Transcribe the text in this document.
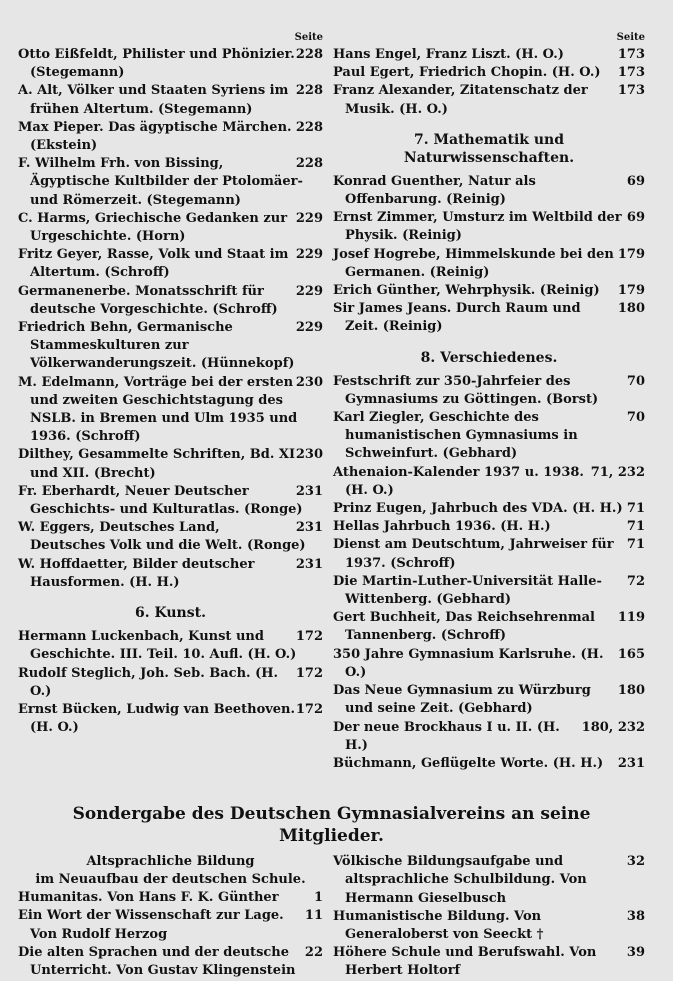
Seite
228
Otto Eißfeldt, Philister und Phönizier. (Stegemann)
228
A. Alt, Völker und Staaten Syriens im frühen Altertum. (Stegemann)
228
Max Pieper. Das ägyptische Märchen. (Ekstein)
228
F. Wilhelm Frh. von Bissing, Ägyptische Kultbilder der Ptolomäer- und Römerzeit. (Stegemann)
229
C. Harms, Griechische Gedanken zur Urgeschichte. (Horn)
229
Fritz Geyer, Rasse, Volk und Staat im Altertum. (Schroff)
229
Germanenerbe. Monatsschrift für deutsche Vorgeschichte. (Schroff)
229
Friedrich Behn, Germanische Stammeskulturen zur Völkerwanderungszeit. (Hünnekopf)
230
M. Edelmann, Vorträge bei der ersten und zweiten Geschichtstagung des NSLB. in Bremen und Ulm 1935 und 1936. (Schroff)
230
Dilthey, Gesammelte Schriften, Bd. XI und XII. (Brecht)
231
Fr. Eberhardt, Neuer Deutscher Geschichts- und Kulturatlas. (Ronge)
231
W. Eggers, Deutsches Land, Deutsches Volk und die Welt. (Ronge)
231
W. Hoffdaetter, Bilder deutscher Hausformen. (H. H.)
6. Kunst.
172
Hermann Luckenbach, Kunst und Geschichte. III. Teil. 10. Aufl. (H. O.)
172
Rudolf Steglich, Joh. Seb. Bach. (H. O.)
172
Ernst Bücken, Ludwig van Beethoven. (H. O.)
Seite
173
Hans Engel, Franz Liszt. (H. O.)
173
Paul Egert, Friedrich Chopin. (H. O.)
173
Franz Alexander, Zitatenschatz der Musik. (H. O.)
7. Mathematik und Naturwissenschaften.
69
Konrad Guenther, Natur als Offenbarung. (Reinig)
69
Ernst Zimmer, Umsturz im Weltbild der Physik. (Reinig)
179
Josef Hogrebe, Himmelskunde bei den Germanen. (Reinig)
179
Erich Günther, Wehrphysik. (Reinig)
180
Sir James Jeans. Durch Raum und Zeit. (Reinig)
8. Verschiedenes.
70
Festschrift zur 350-Jahrfeier des Gymnasiums zu Göttingen. (Borst)
70
Karl Ziegler, Geschichte des humanistischen Gymnasiums in Schweinfurt. (Gebhard)
71, 232
Athenaion-Kalender 1937 u. 1938. (H. O.)
71
Prinz Eugen, Jahrbuch des VDA. (H. H.)
71
Hellas Jahrbuch 1936. (H. H.)
71
Dienst am Deutschtum, Jahrweiser für 1937. (Schroff)
72
Die Martin-Luther-Universität Halle-Wittenberg. (Gebhard)
119
Gert Buchheit, Das Reichsehrenmal Tannenberg. (Schroff)
165
350 Jahre Gymnasium Karlsruhe. (H. O.)
180
Das Neue Gymnasium zu Würzburg und seine Zeit. (Gebhard)
180, 232
Der neue Brockhaus I u. II. (H. H.)
231
Büchmann, Geflügelte Worte. (H. H.)
Sondergabe des Deutschen Gymnasialvereins an seine Mitglieder.
Altsprachliche Bildung
im Neuaufbau der deutschen Schule.
1
Humanitas. Von Hans F. K. Günther
11
Ein Wort der Wissenschaft zur Lage. Von Rudolf Herzog
22
Die alten Sprachen und der deutsche Unterricht. Von Gustav Klingenstein
32
Völkische Bildungsaufgabe und altsprachliche Schulbildung. Von Hermann Gieselbusch
38
Humanistische Bildung. Von Generaloberst von Seeckt †
39
Höhere Schule und Berufswahl. Von Herbert Holtorf
